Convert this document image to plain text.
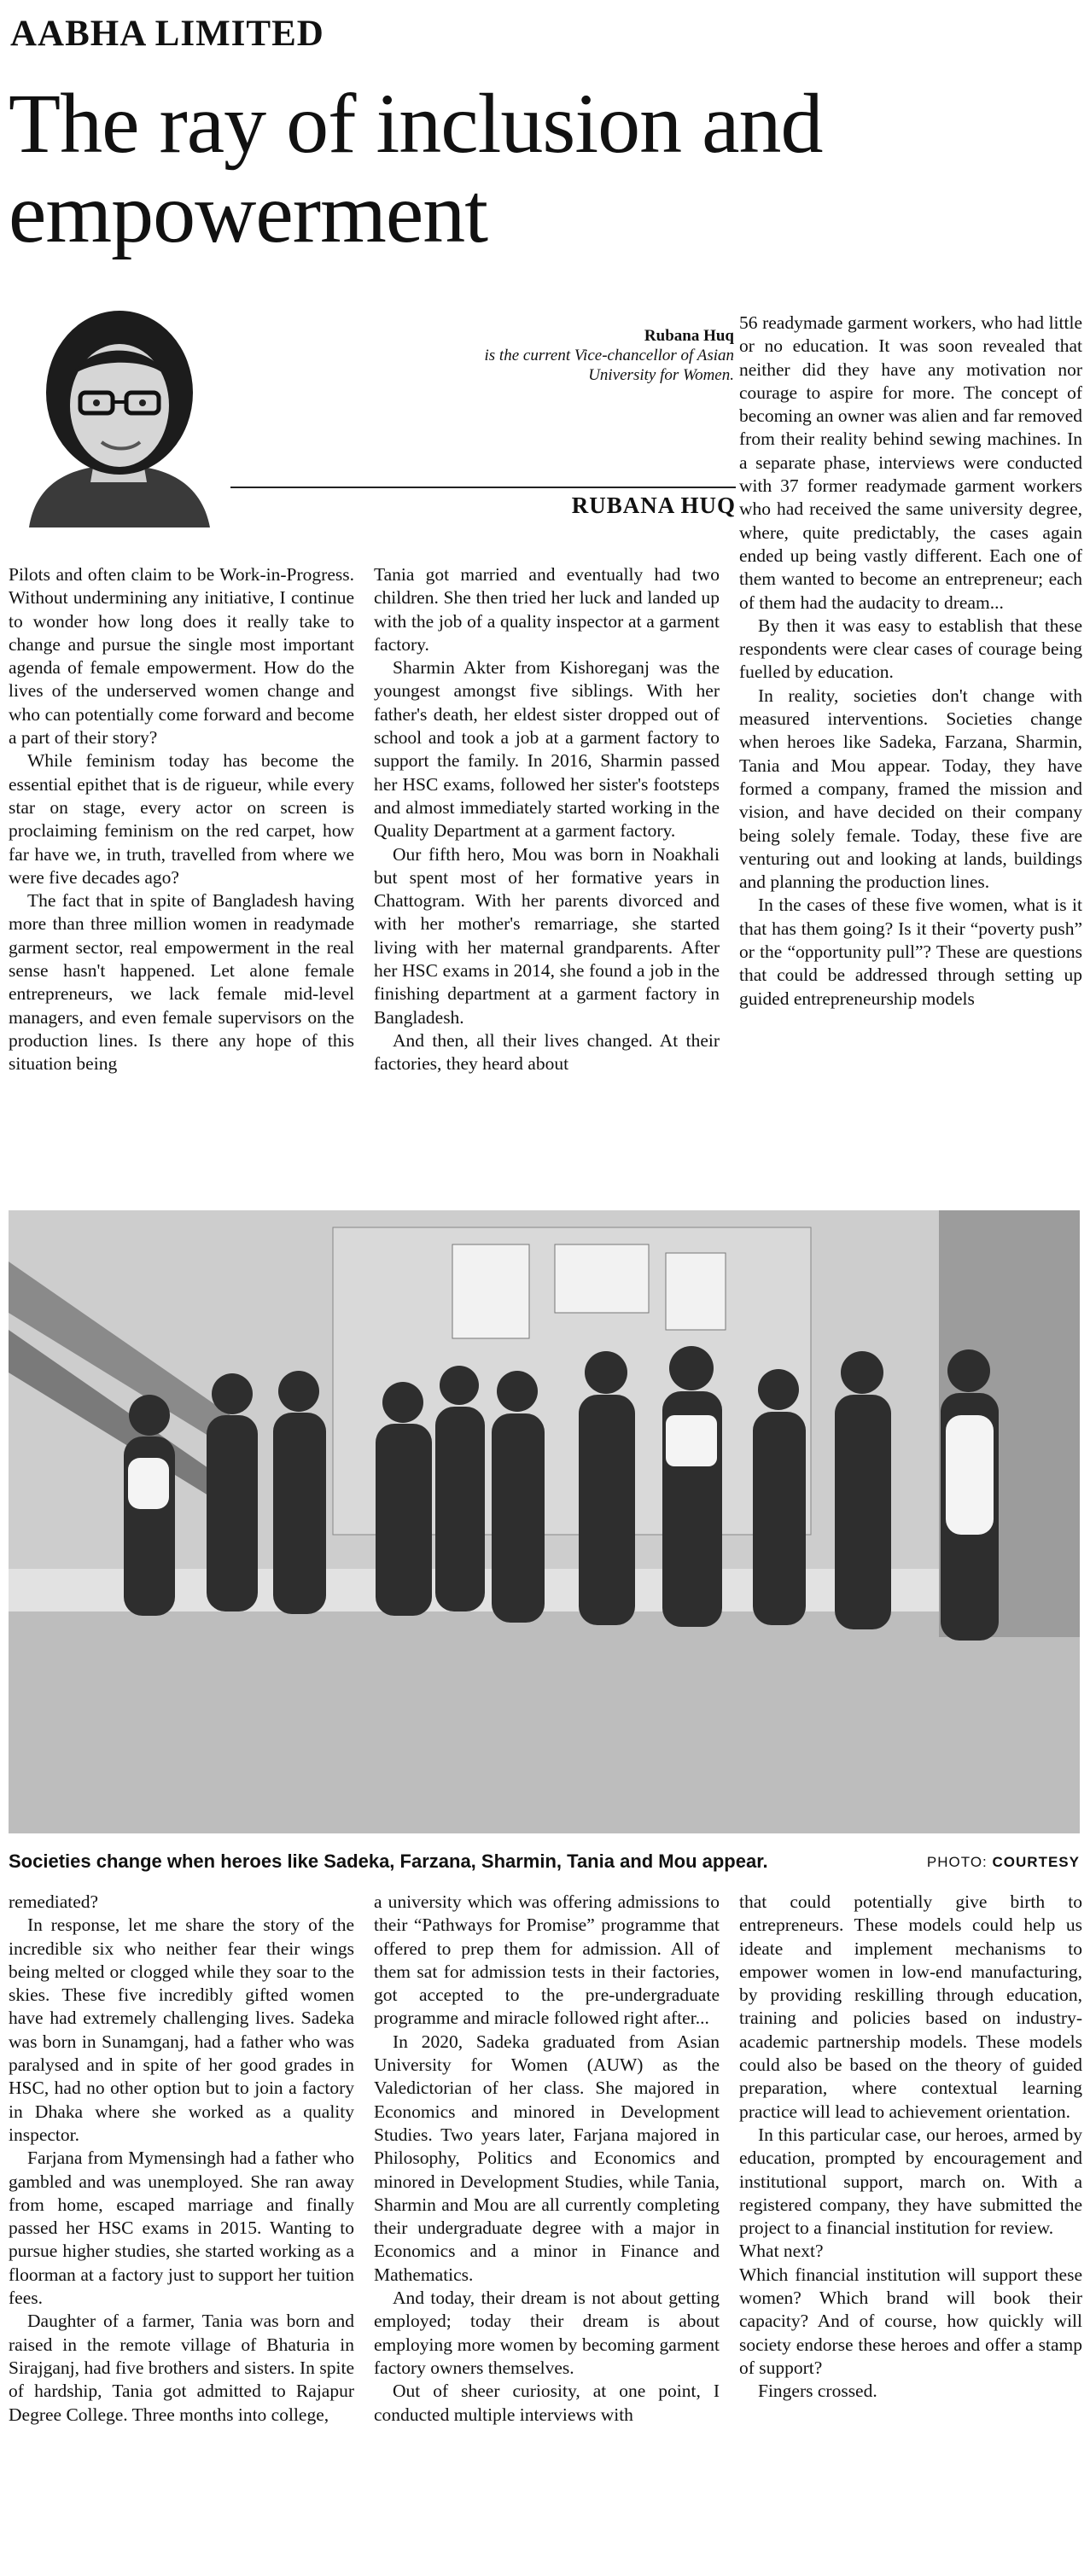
AABHA LIMITED
The ray of inclusion and empowerment
Rubana Huq
is the current Vice-chancellor of Asian University for Women.
RUBANA HUQ

Pilots and often claim to be Work-in-Progress. Without undermining any initiative, I continue to wonder how long does it really take to change and pursue the single most important agenda of female empowerment. How do the lives of the underserved women change and who can potentially come forward and become a part of their story?

While feminism today has become the essential epithet that is de rigueur, while every star on stage, every actor on screen is proclaiming feminism on the red carpet, how far have we, in truth, travelled from where we were five decades ago?

The fact that in spite of Bangladesh having more than three million women in readymade garment sector, real empowerment in the real sense hasn't happened. Let alone female entrepreneurs, we lack female mid-level managers, and even female supervisors on the production lines. Is there any hope of this situation being

Tania got married and eventually had two children. She then tried her luck and landed up with the job of a quality inspector at a garment factory.

Sharmin Akter from Kishoreganj was the youngest amongst five siblings. With her father's death, her eldest sister dropped out of school and took a job at a garment factory to support the family. In 2016, Sharmin passed her HSC exams, followed her sister's footsteps and almost immediately started working in the Quality Department at a garment factory.

Our fifth hero, Mou was born in Noakhali but spent most of her formative years in Chattogram. With her parents divorced and with her mother's remarriage, she started living with her maternal grandparents. After her HSC exams in 2014, she found a job in the finishing department at a garment factory in Bangladesh.

And then, all their lives changed. At their factories, they heard about

56 readymade garment workers, who had little or no education. It was soon revealed that neither did they have any motivation nor courage to aspire for more. The concept of becoming an owner was alien and far removed from their reality behind sewing machines. In a separate phase, interviews were conducted with 37 former readymade garment workers who had received the same university degree, where, quite predictably, the cases again ended up being vastly different. Each one of them wanted to become an entrepreneur; each of them had the audacity to dream...

By then it was easy to establish that these respondents were clear cases of courage being fuelled by education.

In reality, societies don't change with measured interventions. Societies change when heroes like Sadeka, Farzana, Sharmin, Tania and Mou appear. Today, they have formed a company, framed the mission and vision, and have decided on their company being solely female. Today, these five are venturing out and looking at lands, buildings and planning the production lines.

In the cases of these five women, what is it that has them going? Is it their “poverty push” or the “opportunity pull”? These are questions that could be addressed through setting up guided entrepreneurship models

Societies change when heroes like Sadeka, Farzana, Sharmin, Tania and Mou appear.	PHOTO: COURTESY

remediated?

In response, let me share the story of the incredible six who neither fear their wings being melted or clogged while they soar to the skies. These five incredibly gifted women have had extremely challenging lives. Sadeka was born in Sunamganj, had a father who was paralysed and in spite of her good grades in HSC, had no other option but to join a factory in Dhaka where she worked as a quality inspector.

Farjana from Mymensingh had a father who gambled and was unemployed. She ran away from home, escaped marriage and finally passed her HSC exams in 2015. Wanting to pursue higher studies, she started working as a floorman at a factory just to support her tuition fees.

Daughter of a farmer, Tania was born and raised in the remote village of Bhaturia in Sirajganj, had five brothers and sisters. In spite of hardship, Tania got admitted to Rajapur Degree College. Three months into college,

a university which was offering admissions to their “Pathways for Promise” programme that offered to prep them for admission. All of them sat for admission tests in their factories, got accepted to the pre-undergraduate programme and miracle followed right after...

In 2020, Sadeka graduated from Asian University for Women (AUW) as the Valedictorian of her class. She majored in Economics and minored in Development Studies. Two years later, Farjana majored in Philosophy, Politics and Economics and minored in Development Studies, while Tania, Sharmin and Mou are all currently completing their undergraduate degree with a major in Economics and a minor in Finance and Mathematics.

And today, their dream is not about getting employed; today their dream is about employing more women by becoming garment factory owners themselves.

Out of sheer curiosity, at one point, I conducted multiple interviews with

that could potentially give birth to entrepreneurs. These models could help us ideate and implement mechanisms to empower women in low-end manufacturing, by providing reskilling through education, training and policies based on industry-academic partnership models. These models could also be based on the theory of guided preparation, where contextual learning practice will lead to achievement orientation.

In this particular case, our heroes, armed by education, prompted by encouragement and institutional support, march on. With a registered company, they have submitted the project to a financial institution for review.

What next?

Which financial institution will support these women? Which brand will book their capacity? And of course, how quickly will society endorse these heroes and offer a stamp of support?

Fingers crossed.
